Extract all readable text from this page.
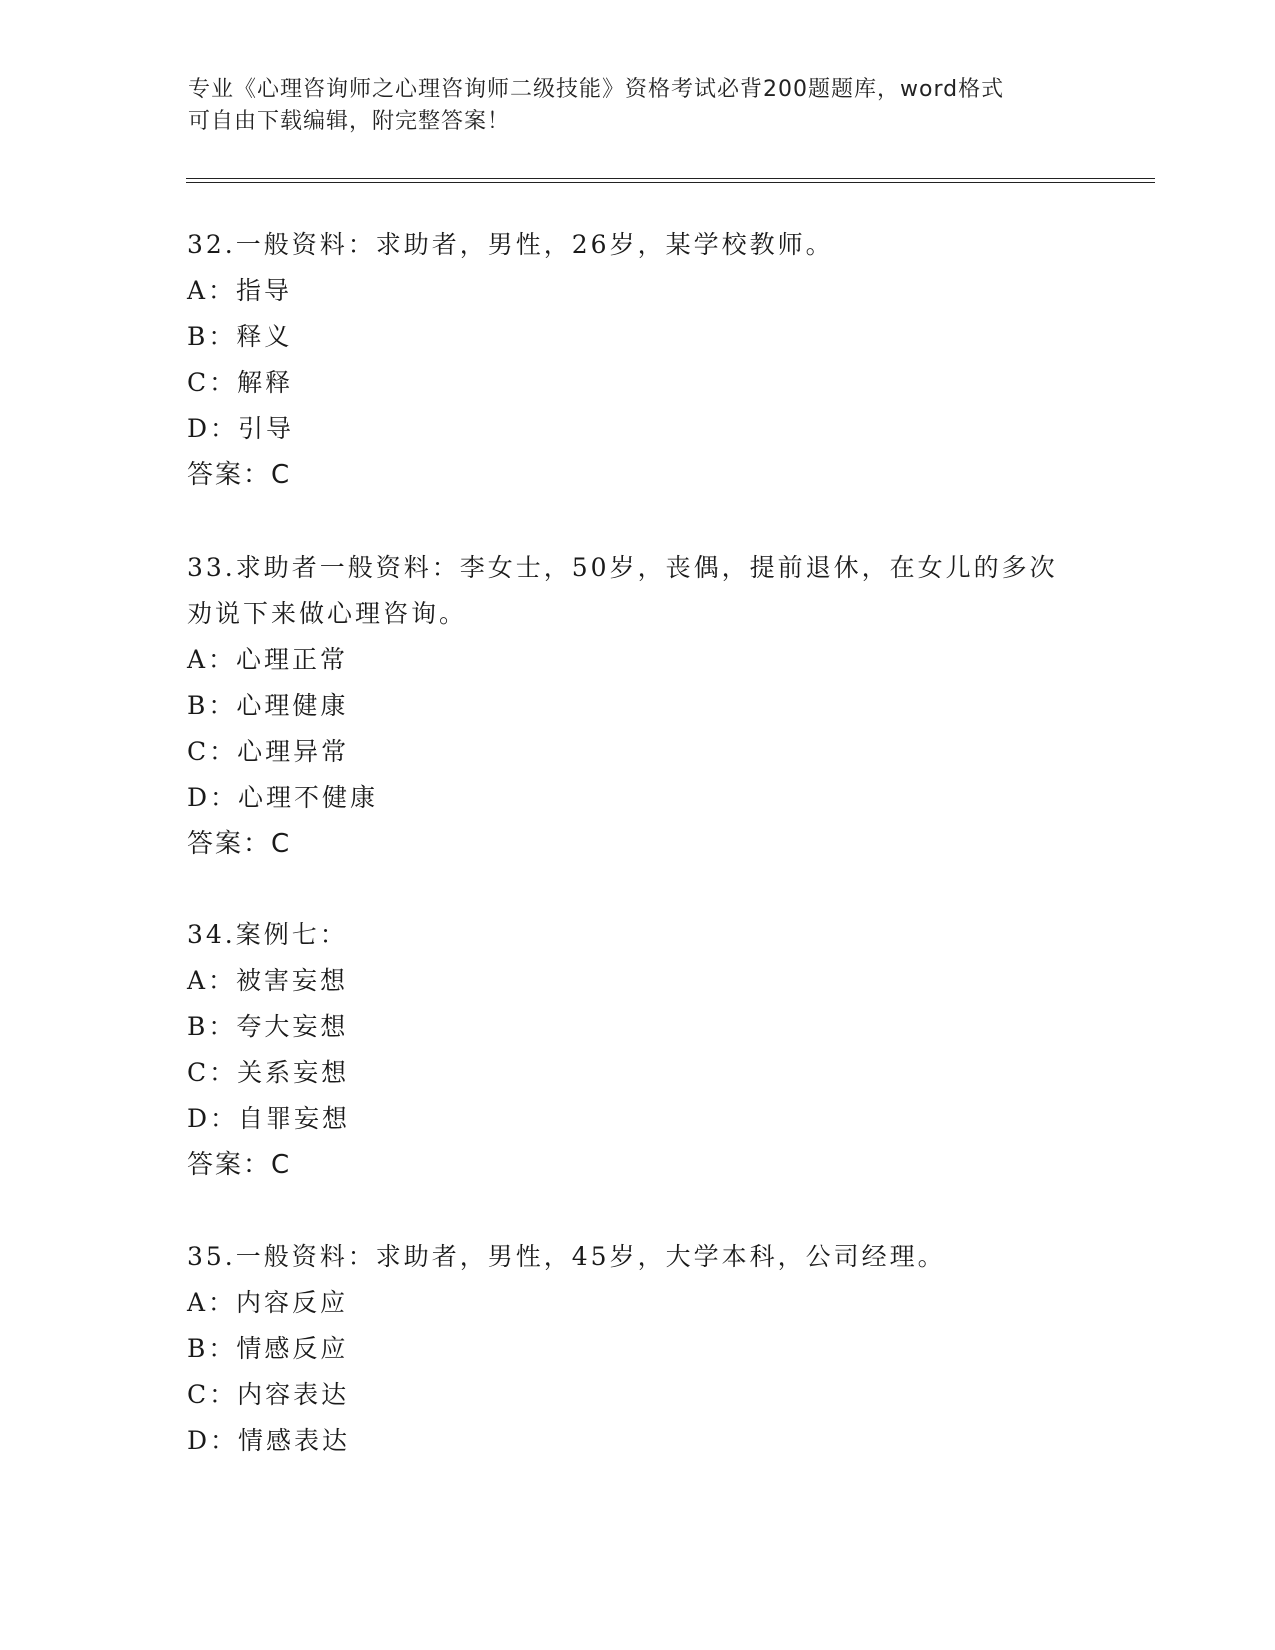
专业《心理咨询师之心理咨询师二级技能》资格考试必背200题题库，word格式
可自由下载编辑，附完整答案！
32.一般资料：求助者，男性，26岁，某学校教师。
A：指导
B：释义
C：解释
D：引导
答案：C
33.求助者一般资料：李女士，50岁，丧偶，提前退休，在女儿的多次劝说下来做心理咨询。
A：心理正常
B：心理健康
C：心理异常
D：心理不健康
答案：C
34.案例七：
A：被害妄想
B：夸大妄想
C：关系妄想
D：自罪妄想
答案：C
35.一般资料：求助者，男性，45岁，大学本科，公司经理。
A：内容反应
B：情感反应
C：内容表达
D：情感表达
